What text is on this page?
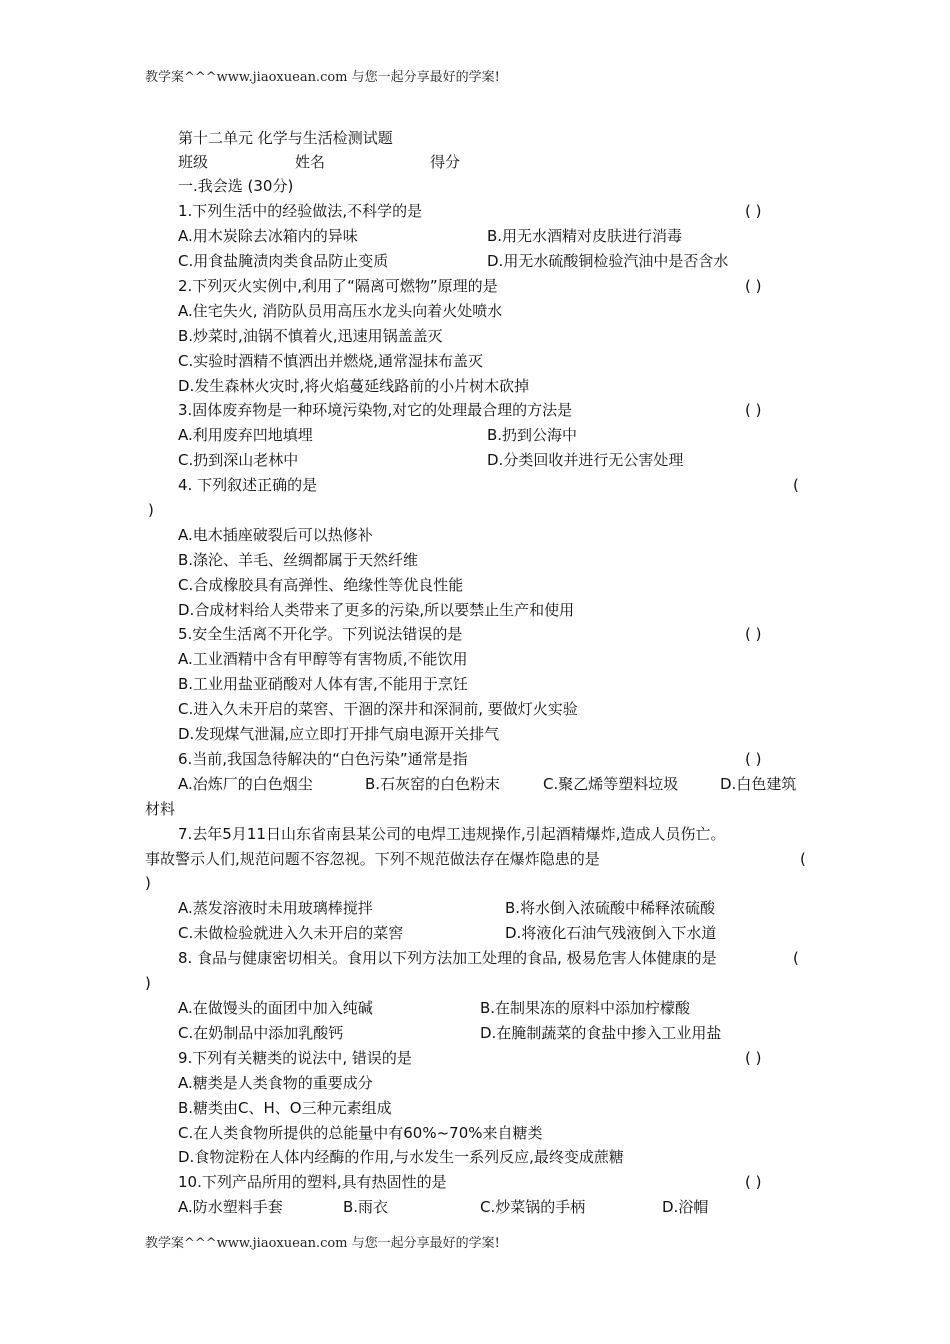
教学案^^^www.jiaoxuean.com 与您一起分享最好的学案!
第十二单元 化学与生活检测试题
班级	姓名	得分
一.我会选 (30分)
1.下列生活中的经验做法,不科学的是	( )
A.用木炭除去冰箱内的异味	B.用无水酒精对皮肤进行消毒
C.用食盐腌渍肉类食品防止变质	D.用无水硫酸铜检验汽油中是否含水
2.下列灭火实例中,利用了“隔离可燃物”原理的是	( )
A.住宅失火, 消防队员用高压水龙头向着火处喷水
B.炒菜时,油锅不慎着火,迅速用锅盖盖灭
C.实验时酒精不慎洒出并燃烧,通常湿抹布盖灭
D.发生森林火灾时,将火焰蔓延线路前的小片树木砍掉
3.固体废弃物是一种环境污染物,对它的处理最合理的方法是	( )
A.利用废弃凹地填埋	B.扔到公海中
C.扔到深山老林中	D.分类回收并进行无公害处理
4. 下列叙述正确的是	(
)
A.电木插座破裂后可以热修补
B.涤沦、羊毛、丝绸都属于天然纤维
C.合成橡胶具有高弹性、绝缘性等优良性能
D.合成材料给人类带来了更多的污染,所以要禁止生产和使用
5.安全生活离不开化学。下列说法错误的是	( )
A.工业酒精中含有甲醇等有害物质,不能饮用
B.工业用盐亚硝酸对人体有害,不能用于烹饪
C.进入久未开启的菜窖、干涸的深井和深洞前, 要做灯火实验
D.发现煤气泄漏,应立即打开排气扇电源开关排气
6.当前,我国急待解决的“白色污染”通常是指	( )
A.冶炼厂的白色烟尘	B.石灰窑的白色粉末	C.聚乙烯等塑料垃圾	D.白色建筑
材料
7.去年5月11日山东省南县某公司的电焊工违规操作,引起酒精爆炸,造成人员伤亡。
事故警示人们,规范问题不容忽视。下列不规范做法存在爆炸隐患的是	(
)
A.蒸发溶液时未用玻璃棒搅拌	B.将水倒入浓硫酸中稀释浓硫酸
C.未做检验就进入久未开启的菜窖	D.将液化石油气残液倒入下水道
8. 食品与健康密切相关。食用以下列方法加工处理的食品, 极易危害人体健康的是	(
)
A.在做馒头的面团中加入纯碱	B.在制果冻的原料中添加柠檬酸
C.在奶制品中添加乳酸钙	D.在腌制蔬菜的食盐中掺入工业用盐
9.下列有关糖类的说法中, 错误的是	( )
A.糖类是人类食物的重要成分
B.糖类由C、H、O三种元素组成
C.在人类食物所提供的总能量中有60%~70%来自糖类
D.食物淀粉在人体内经酶的作用,与水发生一系列反应,最终变成蔗糖
10.下列产品所用的塑料,具有热固性的是	( )
A.防水塑料手套	B.雨衣	C.炒菜锅的手柄	D.浴帽
教学案^^^www.jiaoxuean.com 与您一起分享最好的学案!
